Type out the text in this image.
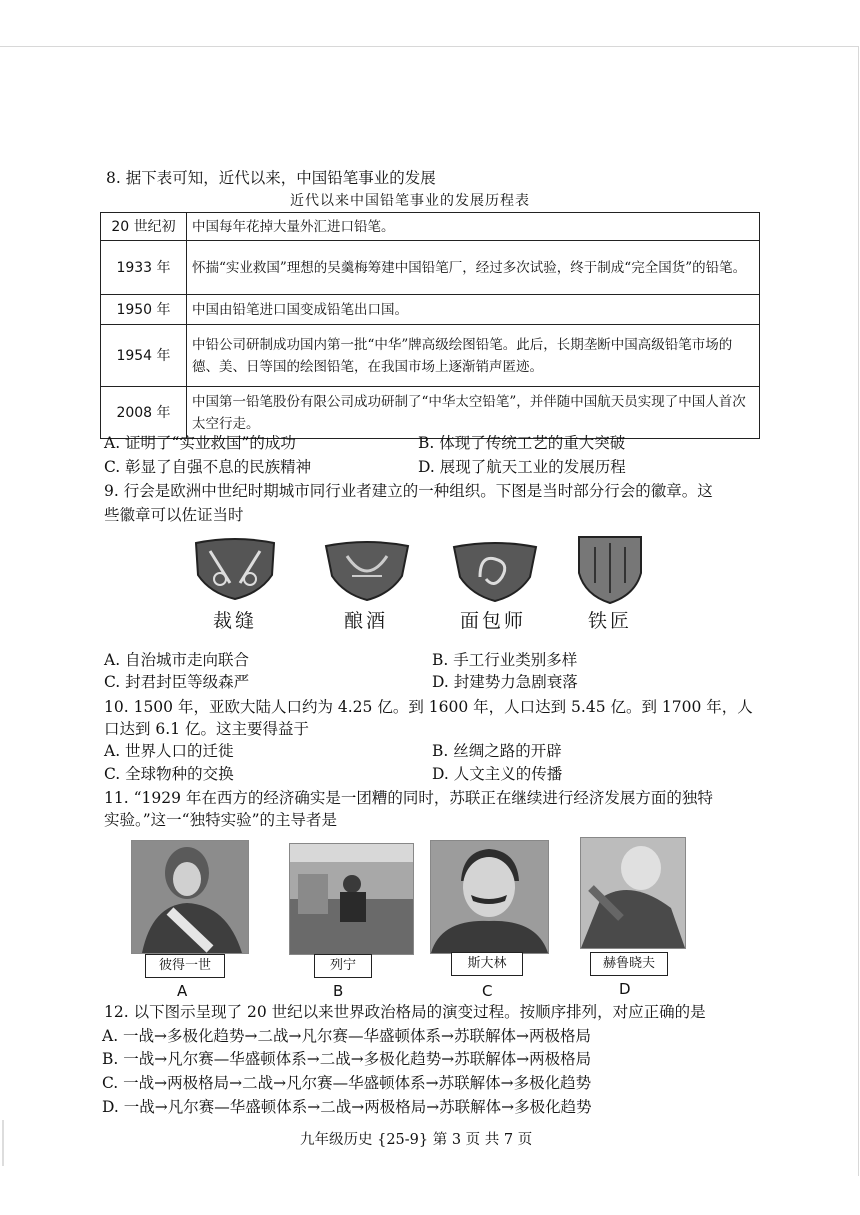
8. 据下表可知，近代以来，中国铅笔事业的发展
近代以来中国铅笔事业的发展历程表
20 世纪初	中国每年花掉大量外汇进口铅笔。
1933 年	怀揣“实业救国”理想的吴羹梅筹建中国铅笔厂，经过多次试验，终于制成“完全国货”的铅笔。
1950 年	中国由铅笔进口国变成铅笔出口国。
1954 年	中铅公司研制成功国内第一批“中华”牌高级绘图铅笔。此后，长期垄断中国高级铅笔市场的德、美、日等国的绘图铅笔，在我国市场上逐渐销声匿迹。
2008 年	中国第一铅笔股份有限公司成功研制了“中华太空铅笔”，并伴随中国航天员实现了中国人首次太空行走。
A. 证明了“实业救国”的成功	B. 体现了传统工艺的重大突破
C. 彰显了自强不息的民族精神	D. 展现了航天工业的发展历程
9. 行会是欧洲中世纪时期城市同行业者建立的一种组织。下图是当时部分行会的徽章。这
些徽章可以佐证当时
裁缝	酿酒	面包师	铁匠
A. 自治城市走向联合	B. 手工行业类别多样
C. 封君封臣等级森严	D. 封建势力急剧衰落
10. 1500 年，亚欧大陆人口约为 4.25 亿。到 1600 年，人口达到 5.45 亿。到 1700 年，人
口达到 6.1 亿。这主要得益于
A. 世界人口的迁徙	B. 丝绸之路的开辟
C. 全球物种的交换	D. 人文主义的传播
11. “1929 年在西方的经济确实是一团糟的同时，苏联正在继续进行经济发展方面的独特
实验。”这一“独特实验”的主导者是
彼得一世	列宁	斯大林	赫鲁晓夫
A	B	C	D
12. 以下图示呈现了 20 世纪以来世界政治格局的演变过程。按顺序排列，对应正确的是
A. 一战→多极化趋势→二战→凡尔赛—华盛顿体系→苏联解体→两极格局
B. 一战→凡尔赛—华盛顿体系→二战→多极化趋势→苏联解体→两极格局
C. 一战→两极格局→二战→凡尔赛—华盛顿体系→苏联解体→多极化趋势
D. 一战→凡尔赛—华盛顿体系→二战→两极格局→苏联解体→多极化趋势
九年级历史 {25-9} 第 3 页 共 7 页
